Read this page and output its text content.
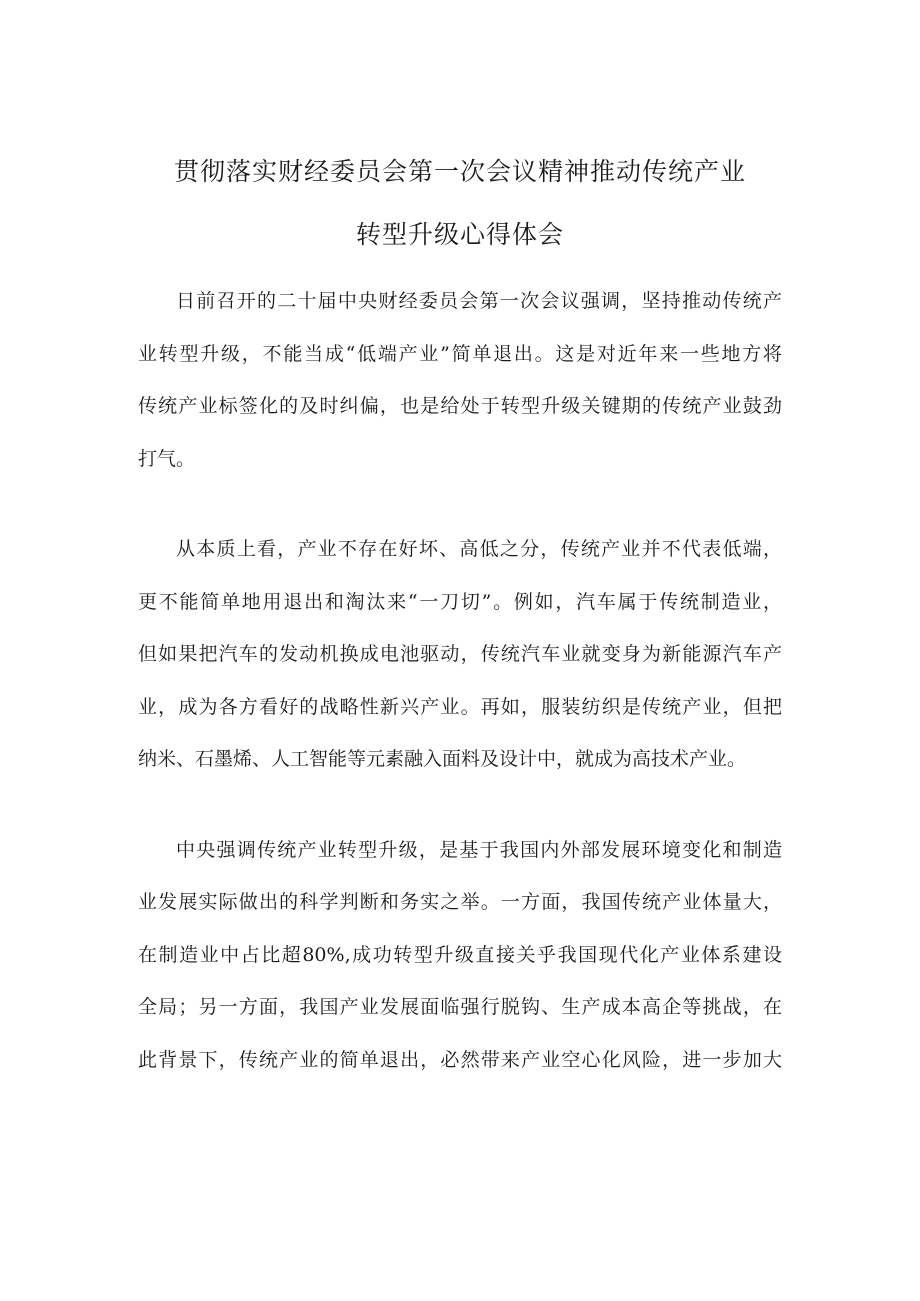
贯彻落实财经委员会第一次会议精神推动传统产业
转型升级心得体会

日前召开的二十届中央财经委员会第一次会议强调，坚持推动传统产
业转型升级，不能当成“低端产业”简单退出。这是对近年来一些地方将
传统产业标签化的及时纠偏，也是给处于转型升级关键期的传统产业鼓劲
打气。

从本质上看，产业不存在好坏、高低之分，传统产业并不代表低端，
更不能简单地用退出和淘汰来“一刀切”。例如，汽车属于传统制造业，
但如果把汽车的发动机换成电池驱动，传统汽车业就变身为新能源汽车产
业，成为各方看好的战略性新兴产业。再如，服装纺织是传统产业，但把
纳米、石墨烯、人工智能等元素融入面料及设计中，就成为高技术产业。

中央强调传统产业转型升级，是基于我国内外部发展环境变化和制造
业发展实际做出的科学判断和务实之举。一方面，我国传统产业体量大，
在制造业中占比超80%,成功转型升级直接关乎我国现代化产业体系建设
全局；另一方面，我国产业发展面临强行脱钩、生产成本高企等挑战，在
此背景下，传统产业的简单退出，必然带来产业空心化风险，进一步加大
